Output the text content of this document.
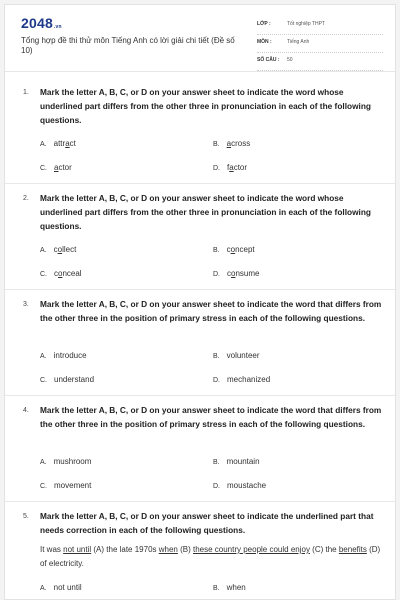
2048.vn
Tổng hợp đề thi thử môn Tiếng Anh có lời giải chi tiết (Đề số 10)
LỚP :	Tốt nghiệp THPT
MÔN :	Tiếng Anh
SỐ CÂU : 50
1. Mark the letter A, B, C, or D on your answer sheet to indicate the word whose underlined part differs from the other three in pronunciation in each of the following questions.
A. attract	B. across
C. actor	D. factor
2. Mark the letter A, B, C, or D on your answer sheet to indicate the word whose underlined part differs from the other three in pronunciation in each of the following questions.
A. collect	B. concept
C. conceal	D. consume
3. Mark the letter A, B, C, or D on your answer sheet to indicate the word that differs from the other three in the position of primary stress in each of the following questions.
A. introduce	B. volunteer
C. understand	D. mechanized
4. Mark the letter A, B, C, or D on your answer sheet to indicate the word that differs from the other three in the position of primary stress in each of the following questions.
A. mushroom	B. mountain
C. movement	D. moustache
5. Mark the letter A, B, C, or D on your answer sheet to indicate the underlined part that needs correction in each of the following questions.
It was not until (A) the late 1970s when (B) these country people could enjoy (C) the benefits (D) of electricity.
A. not until	B. when
